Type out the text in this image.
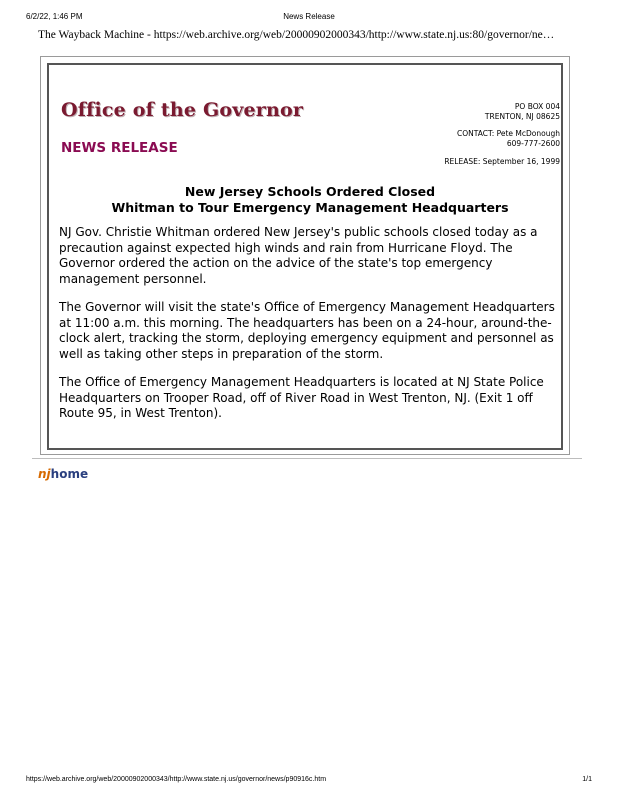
6/2/22, 1:46 PM	News Release
The Wayback Machine - https://web.archive.org/web/20000902000343/http://www.state.nj.us:80/governor/ne…
Office of the Governor
NEWS RELEASE
PO BOX 004
TRENTON, NJ 08625
CONTACT: Pete McDonough
609-777-2600
RELEASE: September 16, 1999
New Jersey Schools Ordered Closed
Whitman to Tour Emergency Management Headquarters

NJ Gov. Christie Whitman ordered New Jersey's public schools closed today as a precaution against expected high winds and rain from Hurricane Floyd. The Governor ordered the action on the advice of the state's top emergency management personnel.

The Governor will visit the state's Office of Emergency Management Headquarters at 11:00 a.m. this morning. The headquarters has been on a 24-hour, around-the-clock alert, tracking the storm, deploying emergency equipment and personnel as well as taking other steps in preparation of the storm.

The Office of Emergency Management Headquarters is located at NJ State Police Headquarters on Trooper Road, off of River Road in West Trenton, NJ. (Exit 1 off Route 95, in West Trenton).

njhome
https://web.archive.org/web/20000902000343/http://www.state.nj.us/governor/news/p90916c.htm	1/1
